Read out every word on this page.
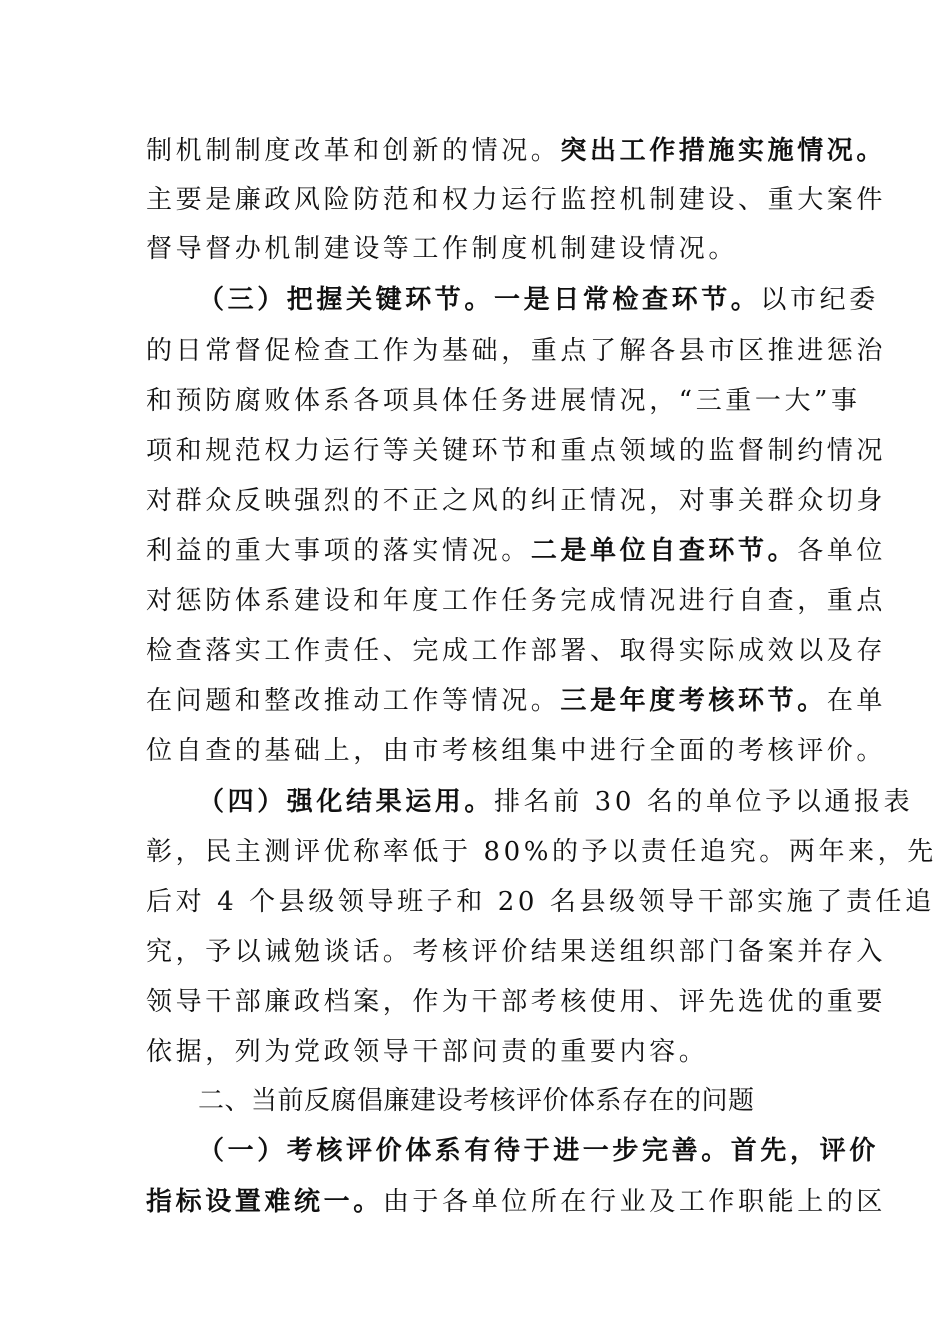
制机制制度改革和创新的情况。突出工作措施实施情况。
主要是廉政风险防范和权力运行监控机制建设、重大案件
督导督办机制建设等工作制度机制建设情况。
（三）把握关键环节。一是日常检查环节。以市纪委
的日常督促检查工作为基础，重点了解各县市区推进惩治
和预防腐败体系各项具体任务进展情况，“三重一大”事
项和规范权力运行等关键环节和重点领域的监督制约情况
对群众反映强烈的不正之风的纠正情况，对事关群众切身
利益的重大事项的落实情况。二是单位自查环节。各单位
对惩防体系建设和年度工作任务完成情况进行自查，重点
检查落实工作责任、完成工作部署、取得实际成效以及存
在问题和整改推动工作等情况。三是年度考核环节。在单
位自查的基础上，由市考核组集中进行全面的考核评价。
（四）强化结果运用。排名前 30 名的单位予以通报表
彰，民主测评优称率低于 80%的予以责任追究。两年来，先
后对 4 个县级领导班子和 20 名县级领导干部实施了责任追
究，予以诫勉谈话。考核评价结果送组织部门备案并存入
领导干部廉政档案，作为干部考核使用、评先选优的重要
依据，列为党政领导干部问责的重要内容。
二、当前反腐倡廉建设考核评价体系存在的问题
（一）考核评价体系有待于进一步完善。首先，评价
指标设置难统一。由于各单位所在行业及工作职能上的区
